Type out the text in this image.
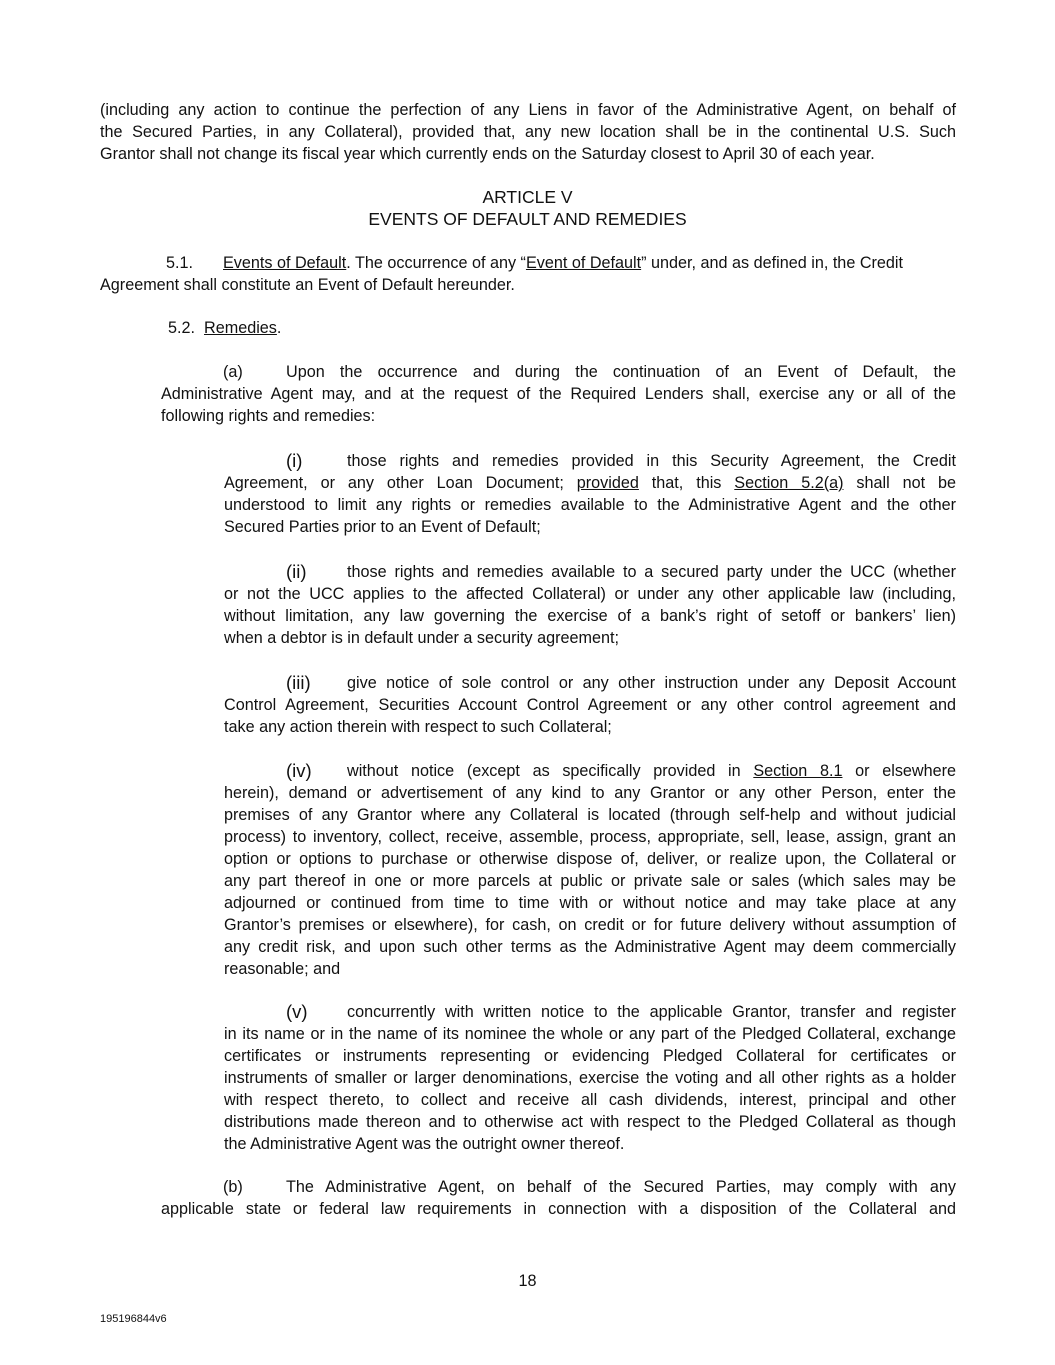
(including any action to continue the perfection of any Liens in favor of the Administrative Agent, on behalf of
the Secured Parties, in any Collateral), provided that, any new location shall be in the continental U.S. Such
Grantor shall not change its fiscal year which currently ends on the Saturday closest to April 30 of each year.
ARTICLE V
EVENTS OF DEFAULT AND REMEDIES
5.1. Events of Default. The occurrence of any “Event of Default” under, and as defined in, the Credit
Agreement shall constitute an Event of Default hereunder.
5.2. Remedies.
(a)	Upon the occurrence and during the continuation of an Event of Default, the
Administrative Agent may, and at the request of the Required Lenders shall, exercise any or all of the
following rights and remedies:
(i)	those rights and remedies provided in this Security Agreement, the Credit
Agreement, or any other Loan Document; provided that, this Section 5.2(a) shall not be
understood to limit any rights or remedies available to the Administrative Agent and the other
Secured Parties prior to an Event of Default;
(ii) those rights and remedies available to a secured party under the UCC (whether
or not the UCC applies to the affected Collateral) or under any other applicable law (including,
without limitation, any law governing the exercise of a bank’s right of setoff or bankers’ lien)
when a debtor is in default under a security agreement;
(iii) give notice of sole control or any other instruction under any Deposit Account
Control Agreement, Securities Account Control Agreement or any other control agreement and
take any action therein with respect to such Collateral;
(iv) without notice (except as specifically provided in Section 8.1 or elsewhere
herein), demand or advertisement of any kind to any Grantor or any other Person, enter the
premises of any Grantor where any Collateral is located (through self-help and without judicial
process) to inventory, collect, receive, assemble, process, appropriate, sell, lease, assign, grant an
option or options to purchase or otherwise dispose of, deliver, or realize upon, the Collateral or
any part thereof in one or more parcels at public or private sale or sales (which sales may be
adjourned or continued from time to time with or without notice and may take place at any
Grantor’s premises or elsewhere), for cash, on credit or for future delivery without assumption of
any credit risk, and upon such other terms as the Administrative Agent may deem commercially
reasonable; and
(v) concurrently with written notice to the applicable Grantor, transfer and register
in its name or in the name of its nominee the whole or any part of the Pledged Collateral, exchange
certificates or instruments representing or evidencing Pledged Collateral for certificates or
instruments of smaller or larger denominations, exercise the voting and all other rights as a holder
with respect thereto, to collect and receive all cash dividends, interest, principal and other
distributions made thereon and to otherwise act with respect to the Pledged Collateral as though
the Administrative Agent was the outright owner thereof.
(b)	The Administrative Agent, on behalf of the Secured Parties, may comply with any
applicable state or federal law requirements in connection with a disposition of the Collateral and
18
195196844v6
